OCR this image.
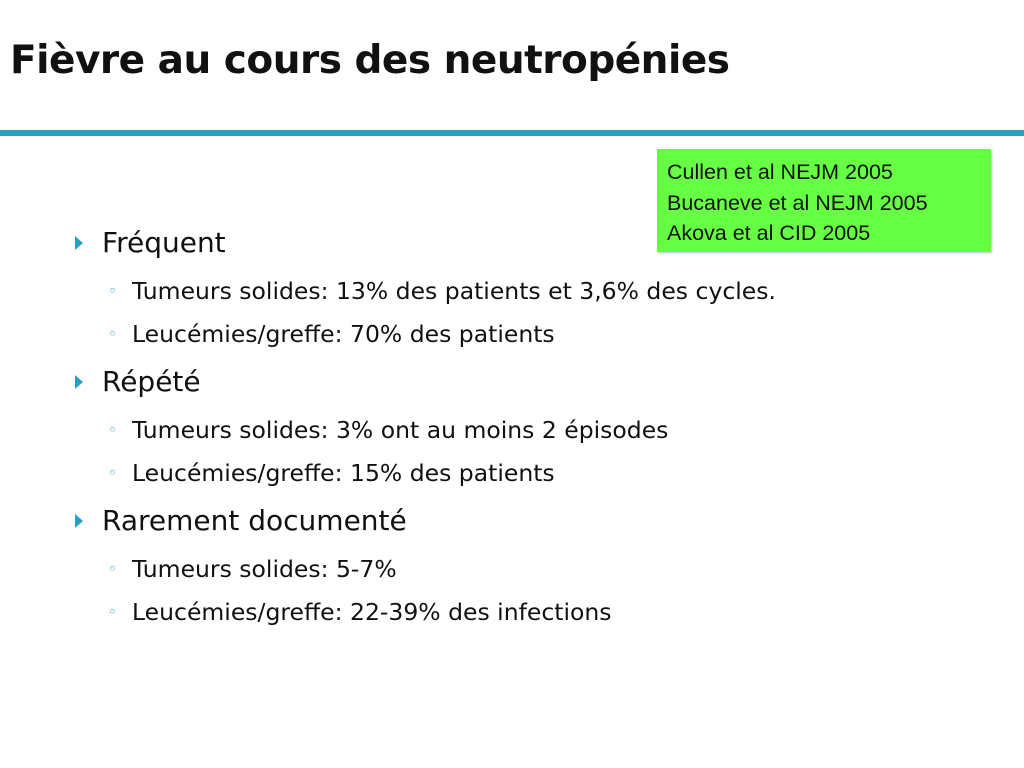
Fièvre au cours des neutropénies
Cullen et al NEJM 2005
Bucaneve et al NEJM 2005
Akova et al CID 2005
Fréquent
◦ Tumeurs solides: 13% des patients et 3,6% des cycles.
◦ Leucémies/greffe: 70% des patients
Répété
◦ Tumeurs solides: 3% ont au moins 2 épisodes
◦ Leucémies/greffe: 15% des patients
Rarement documenté
◦ Tumeurs solides: 5-7%
◦ Leucémies/greffe: 22-39% des infections
